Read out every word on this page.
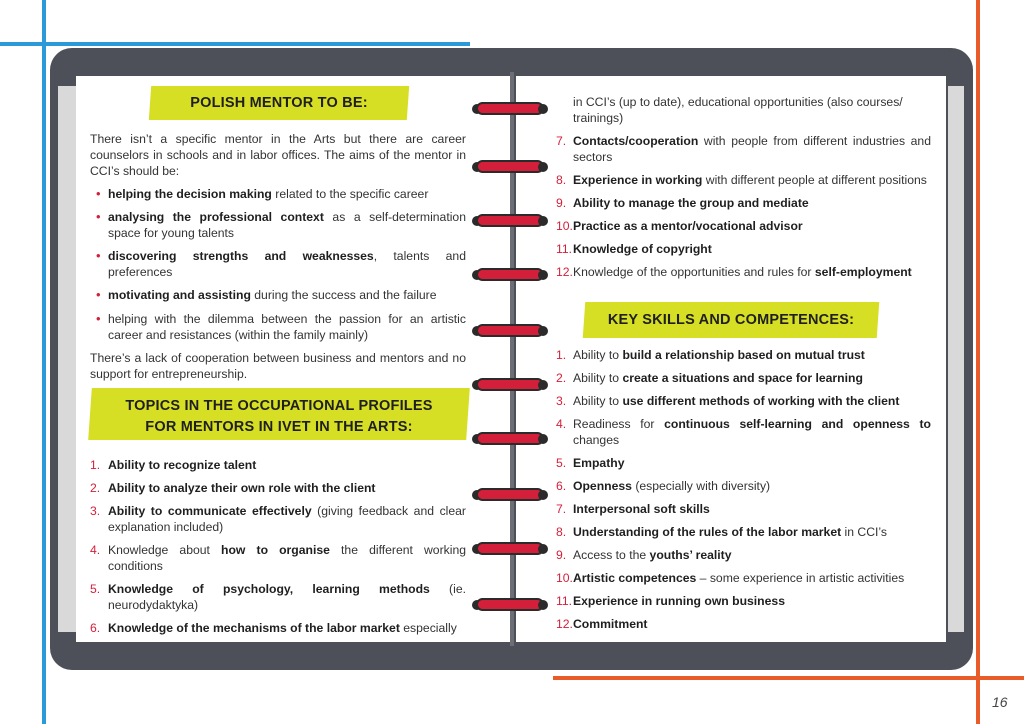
POLISH MENTOR TO BE:
There isn’t a specific mentor in the Arts but there are career counselors in schools and in labor offices. The aims of the mentor in CCI’s should be:
• helping the decision making related to the specific career
• analysing the professional context as a self-determination space for young talents
• discovering strengths and weaknesses, talents and preferences
• motivating and assisting during the success and the failure
• helping with the dilemma between the passion for an artistic career and resistances (within the family mainly)
There’s a lack of cooperation between business and mentors and no support for entrepreneurship.
TOPICS IN THE OCCUPATIONAL PROFILES
FOR MENTORS IN IVET IN THE ARTS:
1. Ability to recognize talent
2. Ability to analyze their own role with the client
3. Ability to communicate effectively (giving feedback and clear explanation included)
4. Knowledge about how to organise the different working conditions
5. Knowledge of psychology, learning methods (ie. neurodydaktyka)
6. Knowledge of the mechanisms of the labor market especially
in CCI’s (up to date), educational opportunities (also courses/ trainings)
7. Contacts/cooperation with people from different industries and sectors
8. Experience in working with different people at different positions
9. Ability to manage the group and mediate
10. Practice as a mentor/vocational advisor
11. Knowledge of copyright
12. Knowledge of the opportunities and rules for self-employment
KEY SKILLS AND COMPETENCES:
1. Ability to build a relationship based on mutual trust
2. Ability to create a situations and space for learning
3. Ability to use different methods of working with the client
4. Readiness for continuous self-learning and openness to changes
5. Empathy
6. Openness (especially with diversity)
7. Interpersonal soft skills
8. Understanding of the rules of the labor market in CCI’s
9. Access to the youths’ reality
10. Artistic competences – some experience in artistic activities
11. Experience in running own business
12. Commitment
16
